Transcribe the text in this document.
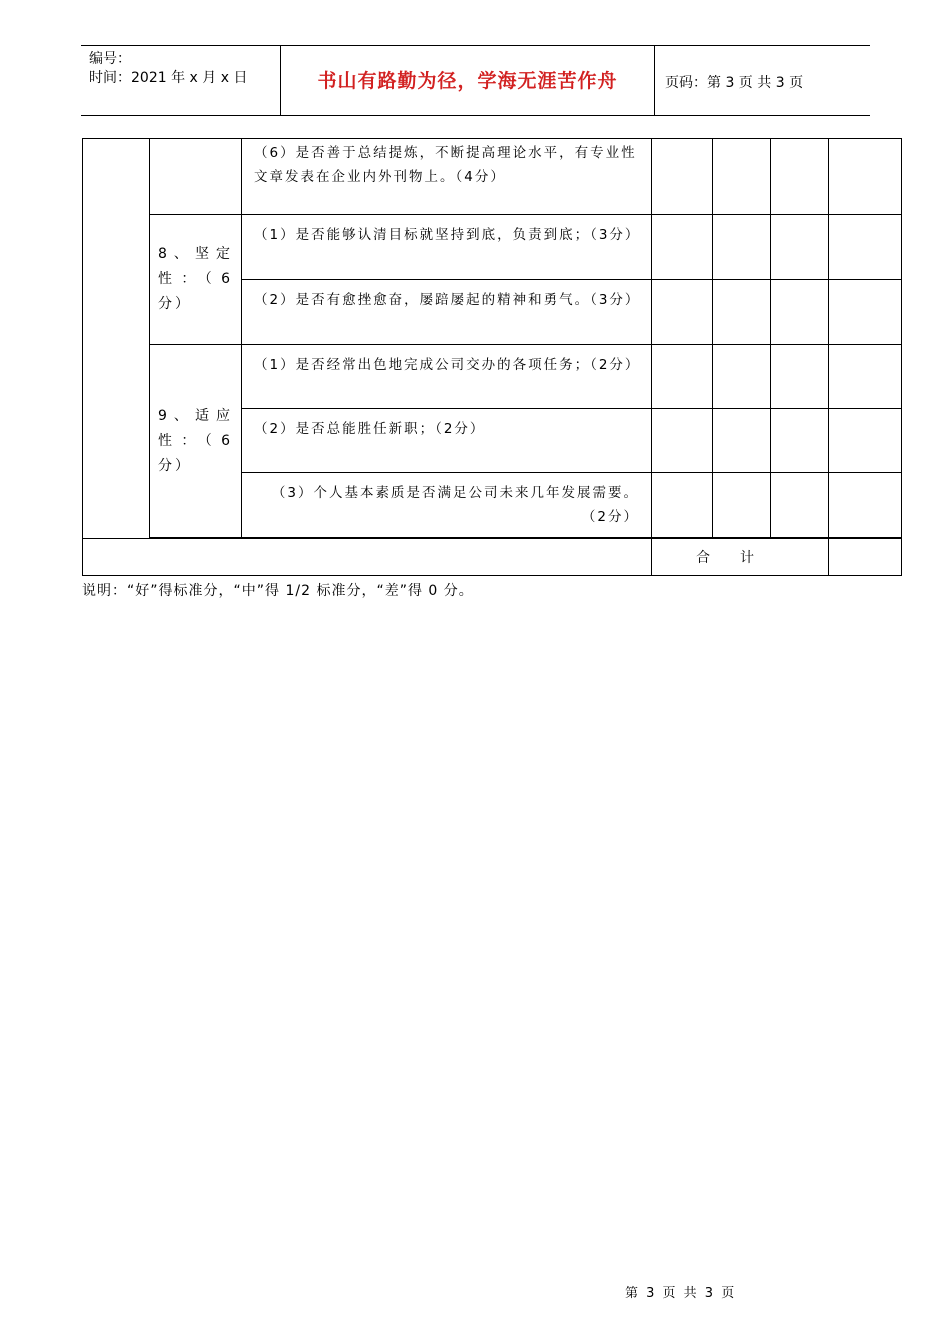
编号：
时间：2021 年 x 月 x 日	书山有路勤为径，学海无涯苦作舟	页码：第 3 页 共 3 页
		（6）是否善于总结提炼，不断提高理论水平，有专业性文章发表在企业内外刊物上。（4分）				
	8、坚定性：（6分）	（1）是否能够认清目标就坚持到底，负责到底；（3分）				
		（2）是否有愈挫愈奋，屡踣屡起的精神和勇气。（3分）				
	9、适应性：（6分）	（1）是否经常出色地完成公司交办的各项任务；（2分）				
		（2）是否总能胜任新职；（2分）				
		（3）个人基本素质是否满足公司未来几年发展需要。（2分）				

			合计			
说明：“好”得标准分，“中”得 1/2 标准分，“差”得 0 分。
第 3 页 共 3 页
